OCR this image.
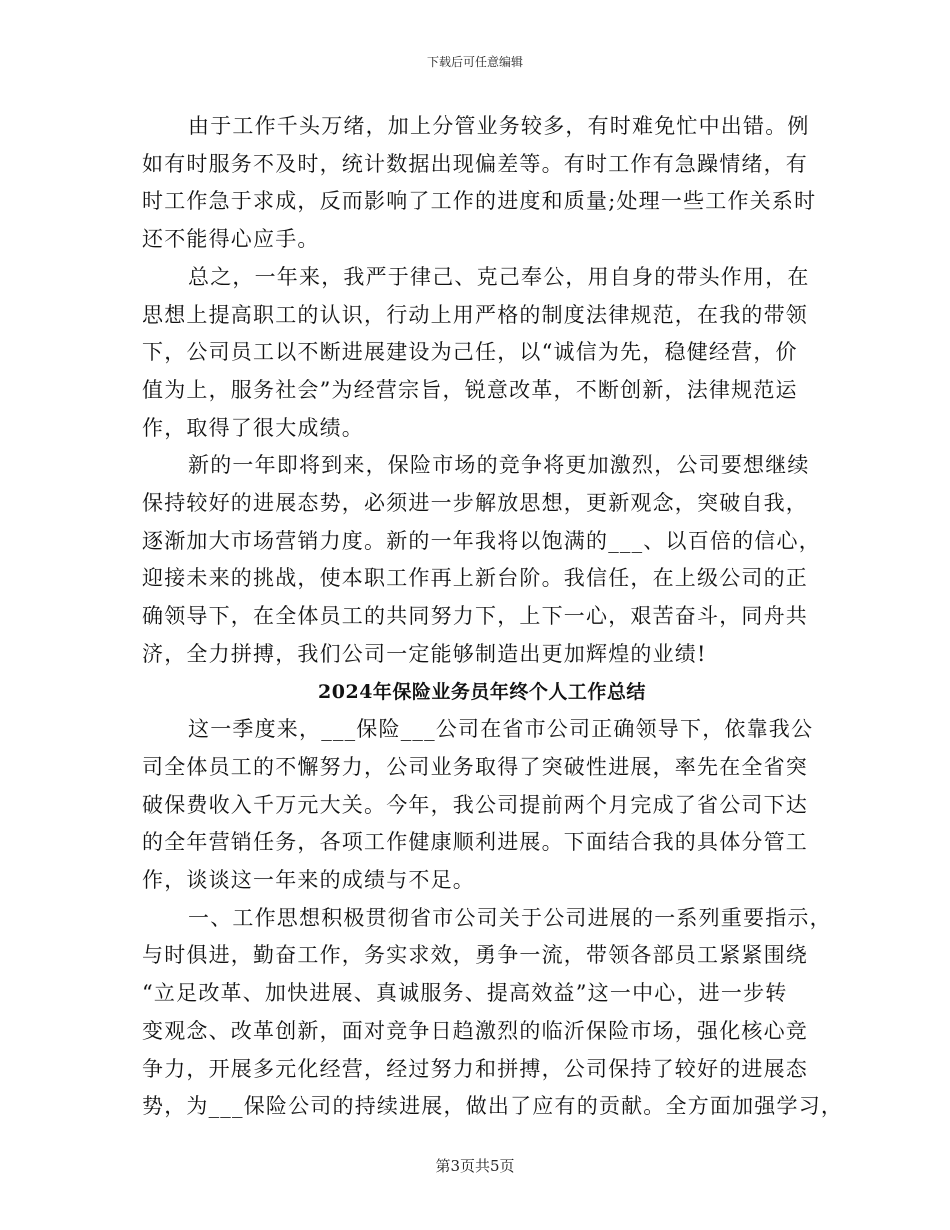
下载后可任意编辑

由于工作千头万绪，加上分管业务较多，有时难免忙中出错。例
如有时服务不及时，统计数据出现偏差等。有时工作有急躁情绪，有
时工作急于求成，反而影响了工作的进度和质量;处理一些工作关系时
还不能得心应手。

总之，一年来，我严于律己、克己奉公，用自身的带头作用，在
思想上提高职工的认识，行动上用严格的制度法律规范，在我的带领
下，公司员工以不断进展建设为己任，以“诚信为先，稳健经营，价
值为上，服务社会”为经营宗旨，锐意改革，不断创新，法律规范运
作，取得了很大成绩。

新的一年即将到来，保险市场的竞争将更加激烈，公司要想继续
保持较好的进展态势，必须进一步解放思想，更新观念，突破自我，
逐渐加大市场营销力度。新的一年我将以饱满的___、以百倍的信心，
迎接未来的挑战，使本职工作再上新台阶。我信任，在上级公司的正
确领导下，在全体员工的共同努力下，上下一心，艰苦奋斗，同舟共
济，全力拼搏，我们公司一定能够制造出更加辉煌的业绩!

2024年保险业务员年终个人工作总结

这一季度来，___保险___公司在省市公司正确领导下，依靠我公
司全体员工的不懈努力，公司业务取得了突破性进展，率先在全省突
破保费收入千万元大关。今年，我公司提前两个月完成了省公司下达
的全年营销任务，各项工作健康顺利进展。下面结合我的具体分管工
作，谈谈这一年来的成绩与不足。

一、工作思想积极贯彻省市公司关于公司进展的一系列重要指示，
与时俱进，勤奋工作，务实求效，勇争一流，带领各部员工紧紧围绕
“立足改革、加快进展、真诚服务、提高效益”这一中心，进一步转
变观念、改革创新，面对竞争日趋激烈的临沂保险市场，强化核心竞
争力，开展多元化经营，经过努力和拼搏，公司保持了较好的进展态
势，为___保险公司的持续进展，做出了应有的贡献。全方面加强学习，

第3页共5页
